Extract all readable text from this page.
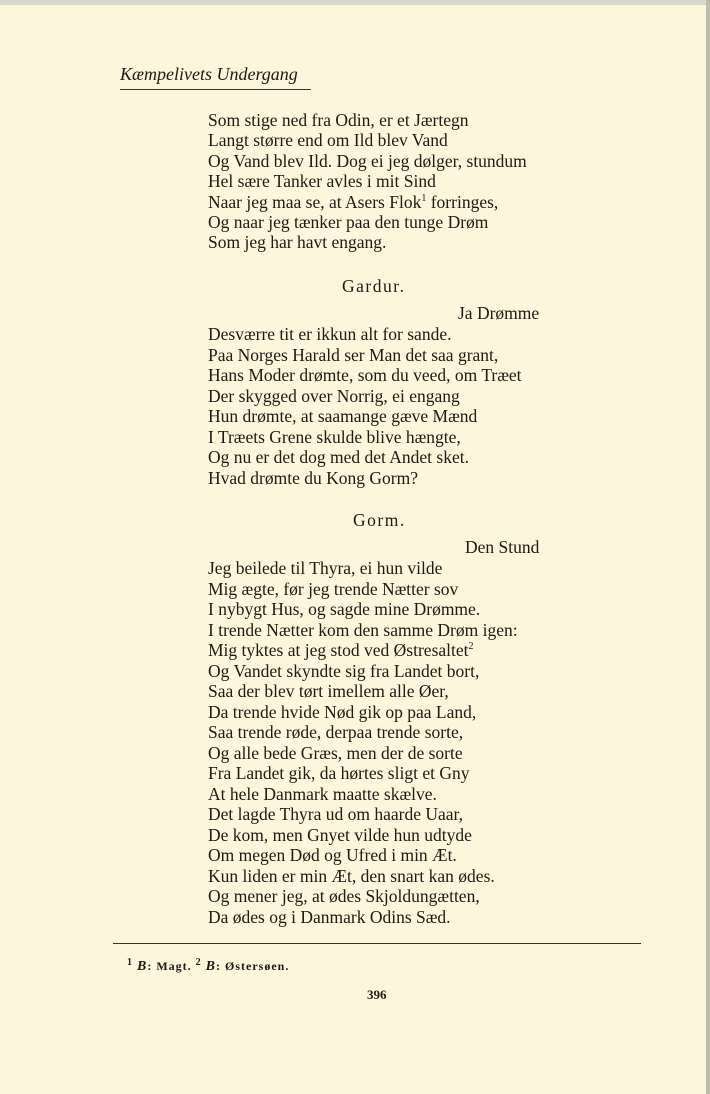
Kæmpelivets Undergang
Som stige ned fra Odin, er et Jærtegn
Langt større end om Ild blev Vand
Og Vand blev Ild. Dog ei jeg dølger, stundum
Hel sære Tanker avles i mit Sind
Naar jeg maa se, at Asers Flok$^1$ forringes,
Og naar jeg tænker paa den tunge Drøm
Som jeg har havt engang.
Gardur.
Ja Drømme
Desværre tit er ikkun alt for sande.
Paa Norges Harald ser Man det saa grant,
Hans Moder drømte, som du veed, om Træet
Der skygged over Norrig, ei engang
Hun drømte, at saamange gæve Mænd
I Træets Grene skulde blive hængte,
Og nu er det dog med det Andet sket.
Hvad drømte du Kong Gorm?
Gorm.
Den Stund
Jeg beilede til Thyra, ei hun vilde
Mig ægte, før jeg trende Nætter sov
I nybygt Hus, og sagde mine Drømme.
I trende Nætter kom den samme Drøm igen:
Mig tyktes at jeg stod ved Østresaltet$^2$
Og Vandet skyndte sig fra Landet bort,
Saa der blev tørt imellem alle Øer,
Da trende hvide Nød gik op paa Land,
Saa trende røde, derpaa trende sorte,
Og alle bede Græs, men der de sorte
Fra Landet gik, da hørtes sligt et Gny
At hele Danmark maatte skælve.
Det lagde Thyra ud om haarde Uaar,
De kom, men Gnyet vilde hun udtyde
Om megen Død og Ufred i min Æt.
Kun liden er min Æt, den snart kan ødes.
Og mener jeg, at ødes Skjoldungætten,
Da ødes og i Danmark Odins Sæd.
$^1$ B: Magt. $^2$ B: Østersøen.
396
